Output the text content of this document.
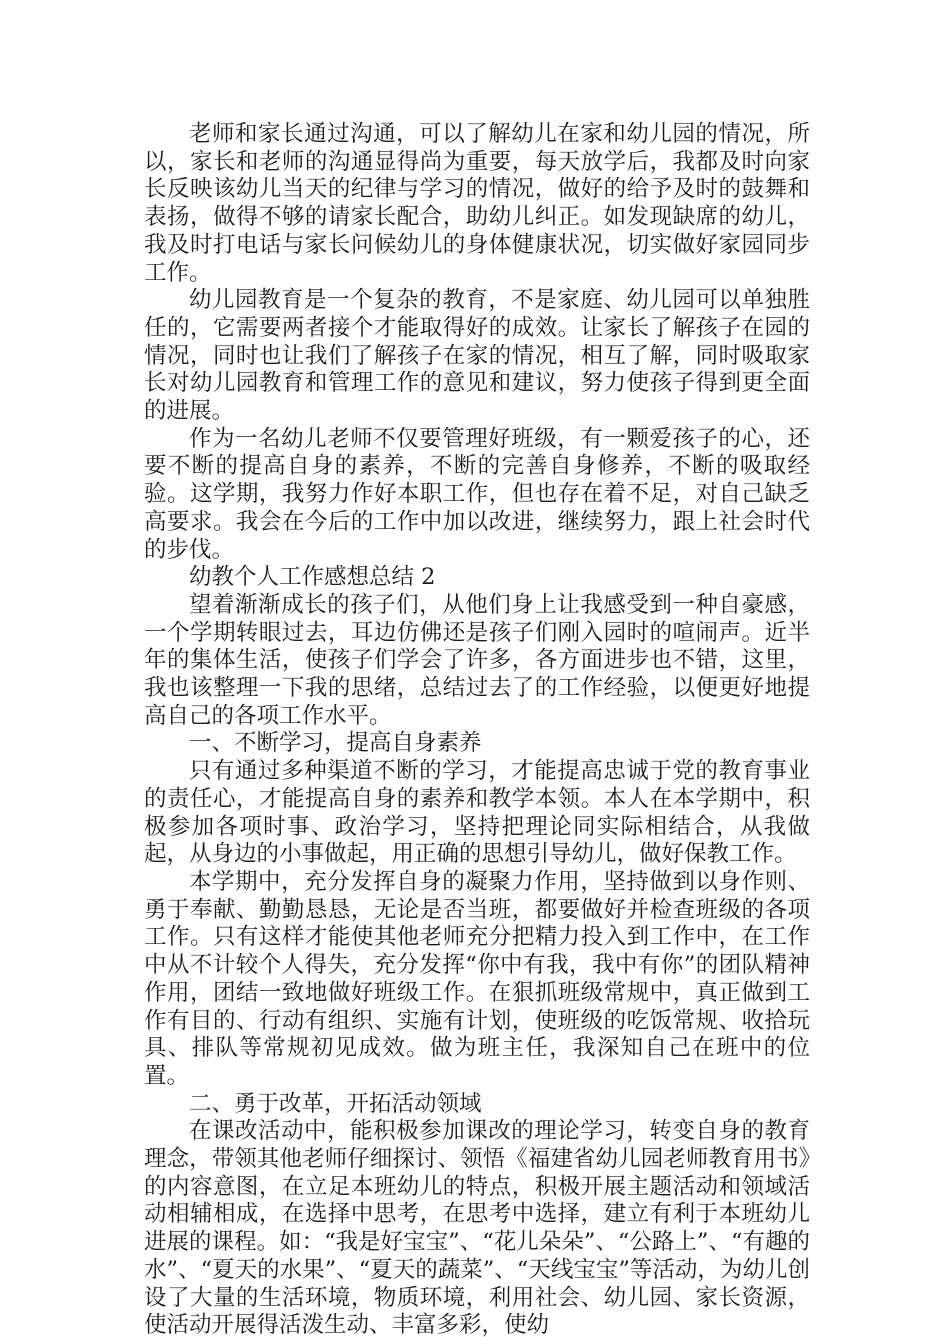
老师和家长通过沟通，可以了解幼儿在家和幼儿园的情况，所以，家长和老师的沟通显得尚为重要，每天放学后，我都及时向家长反映该幼儿当天的纪律与学习的情况，做好的给予及时的鼓舞和表扬，做得不够的请家长配合，助幼儿纠正。如发现缺席的幼儿，我及时打电话与家长问候幼儿的身体健康状况，切实做好家园同步工作。

幼儿园教育是一个复杂的教育，不是家庭、幼儿园可以单独胜任的，它需要两者接个才能取得好的成效。让家长了解孩子在园的情况，同时也让我们了解孩子在家的情况，相互了解，同时吸取家长对幼儿园教育和管理工作的意见和建议，努力使孩子得到更全面的进展。

作为一名幼儿老师不仅要管理好班级，有一颗爱孩子的心，还要不断的提高自身的素养，不断的完善自身修养，不断的吸取经验。这学期，我努力作好本职工作，但也存在着不足，对自己缺乏高要求。我会在今后的工作中加以改进，继续努力，跟上社会时代的步伐。

幼教个人工作感想总结 2

望着渐渐成长的孩子们，从他们身上让我感受到一种自豪感，一个学期转眼过去，耳边仿佛还是孩子们刚入园时的喧闹声。近半年的集体生活，使孩子们学会了许多，各方面进步也不错，这里，我也该整理一下我的思绪，总结过去了的工作经验，以便更好地提高自己的各项工作水平。

一、不断学习，提高自身素养

只有通过多种渠道不断的学习，才能提高忠诚于党的教育事业的责任心，才能提高自身的素养和教学本领。本人在本学期中，积极参加各项时事、政治学习，坚持把理论同实际相结合，从我做起，从身边的小事做起，用正确的思想引导幼儿，做好保教工作。

本学期中，充分发挥自身的凝聚力作用，坚持做到以身作则、勇于奉献、勤勤恳恳，无论是否当班，都要做好并检查班级的各项工作。只有这样才能使其他老师充分把精力投入到工作中，在工作中从不计较个人得失，充分发挥“你中有我，我中有你”的团队精神作用，团结一致地做好班级工作。在狠抓班级常规中，真正做到工作有目的、行动有组织、实施有计划，使班级的吃饭常规、收拾玩具、排队等常规初见成效。做为班主任，我深知自己在班中的位置。

二、勇于改革，开拓活动领域

在课改活动中，能积极参加课改的理论学习，转变自身的教育理念，带领其他老师仔细探讨、领悟《福建省幼儿园老师教育用书》的内容意图，在立足本班幼儿的特点，积极开展主题活动和领域活动相辅相成，在选择中思考，在思考中选择，建立有利于本班幼儿进展的课程。如：“我是好宝宝”、“花儿朵朵”、“公路上”、“有趣的水”、“夏天的水果”、“夏天的蔬菜”、“天线宝宝”等活动，为幼儿创设了大量的生活环境，物质环境，利用社会、幼儿园、家长资源，使活动开展得活泼生动、丰富多彩，使幼
